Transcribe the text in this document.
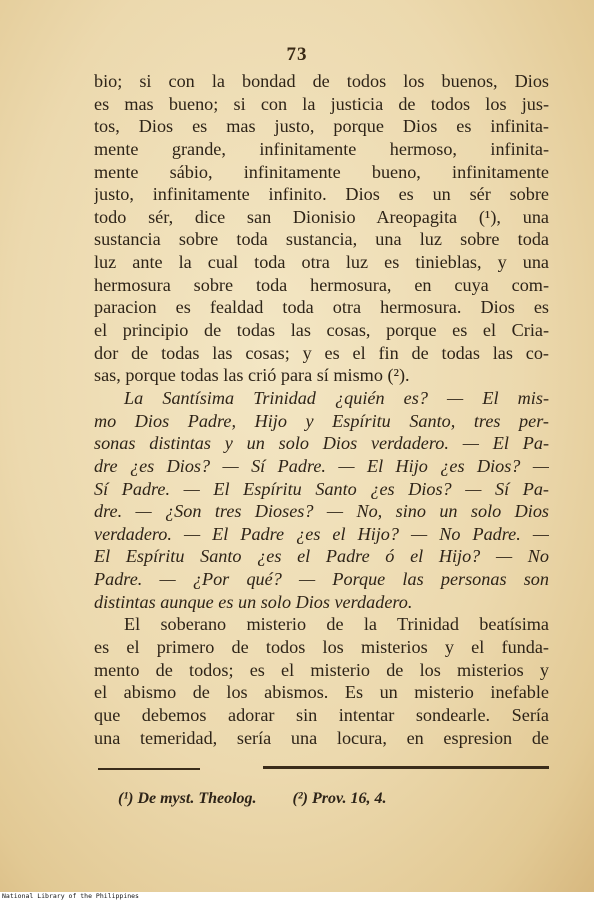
73
bio; si con la bondad de todos los buenos, Dios
es mas bueno; si con la justicia de todos los jus-
tos, Dios es mas justo, porque Dios es infinita-
mente grande, infinitamente hermoso, infinita-
mente sábio, infinitamente bueno, infinitamente
justo, infinitamente infinito. Dios es un sér sobre
todo sér, dice san Dionisio Areopagita (¹), una
sustancia sobre toda sustancia, una luz sobre toda
luz ante la cual toda otra luz es tinieblas, y una
hermosura sobre toda hermosura, en cuya com-
paracion es fealdad toda otra hermosura. Dios es
el principio de todas las cosas, porque es el Cria-
dor de todas las cosas; y es el fin de todas las co-
sas, porque todas las crió para sí mismo (²).
La Santísima Trinidad ¿quién es? — El mis-
mo Dios Padre, Hijo y Espíritu Santo, tres per-
sonas distintas y un solo Dios verdadero. — El Pa-
dre ¿es Dios? — Sí Padre. — El Hijo ¿es Dios? —
Sí Padre. — El Espíritu Santo ¿es Dios? — Sí Pa-
dre. — ¿Son tres Dioses? — No, sino un solo Dios
verdadero. — El Padre ¿es el Hijo? — No Padre. —
El Espíritu Santo ¿es el Padre ó el Hijo? — No
Padre. — ¿Por qué? — Porque las personas son
distintas aunque es un solo Dios verdadero.
El soberano misterio de la Trinidad beatísima
es el primero de todos los misterios y el funda-
mento de todos; es el misterio de los misterios y
el abismo de los abismos. Es un misterio inefable
que debemos adorar sin intentar sondearle. Sería
una temeridad, sería una locura, en espresion de
(¹) De myst. Theolog. (²) Prov. 16, 4.
National Library of the Philippines
